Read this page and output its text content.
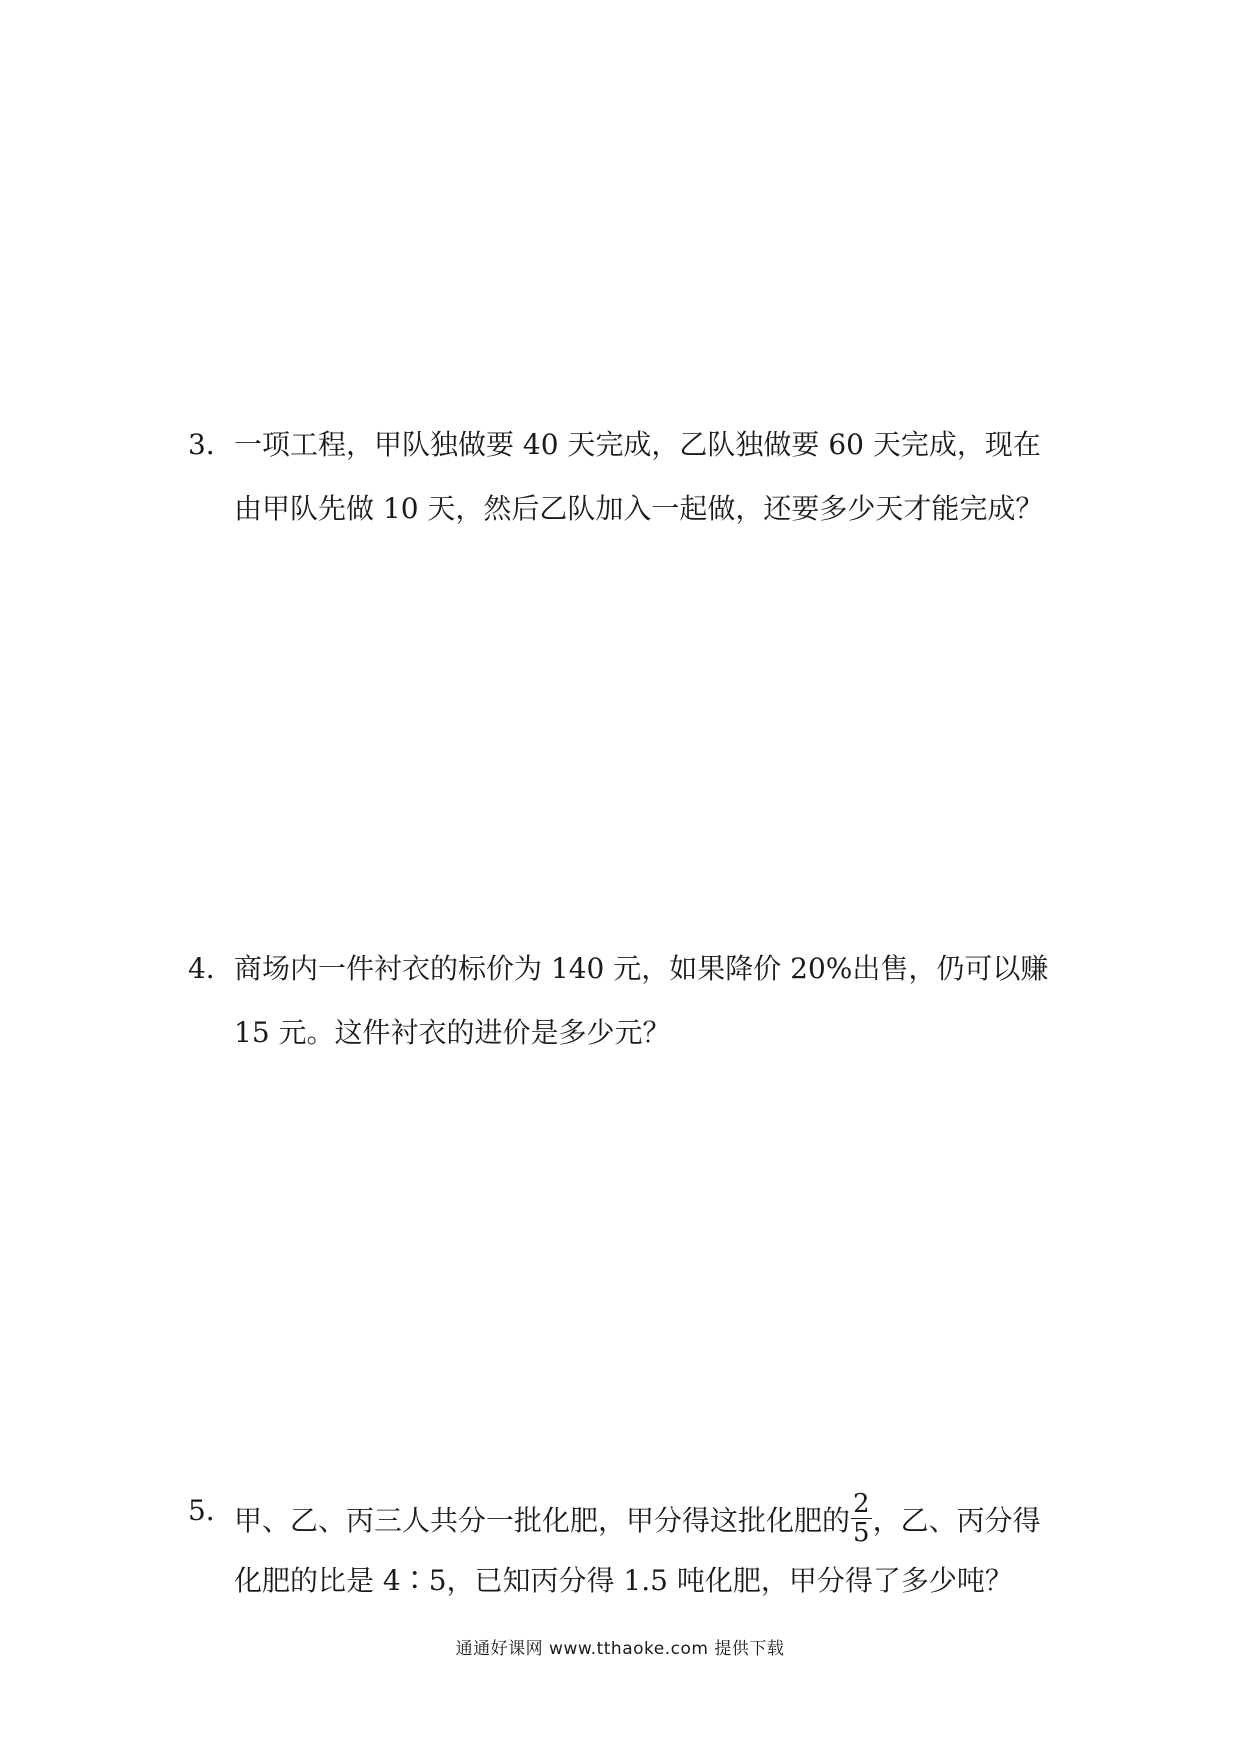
3． 一项工程，甲队独做要 40 天完成，乙队独做要 60 天完成，现在
由甲队先做 10 天，然后乙队加入一起做，还要多少天才能完成？
4． 商场内一件衬衣的标价为 140 元，如果降价 20%出售，仍可以赚
15 元。这件衬衣的进价是多少元？
5． 甲、乙、丙三人共分一批化肥，甲分得这批化肥的 $\frac{2}{5}$ ，乙、丙分得
化肥的比是 4∶5，已知丙分得 1.5 吨化肥，甲分得了多少吨？
通通好课网 www.tthaoke.com 提供下载
